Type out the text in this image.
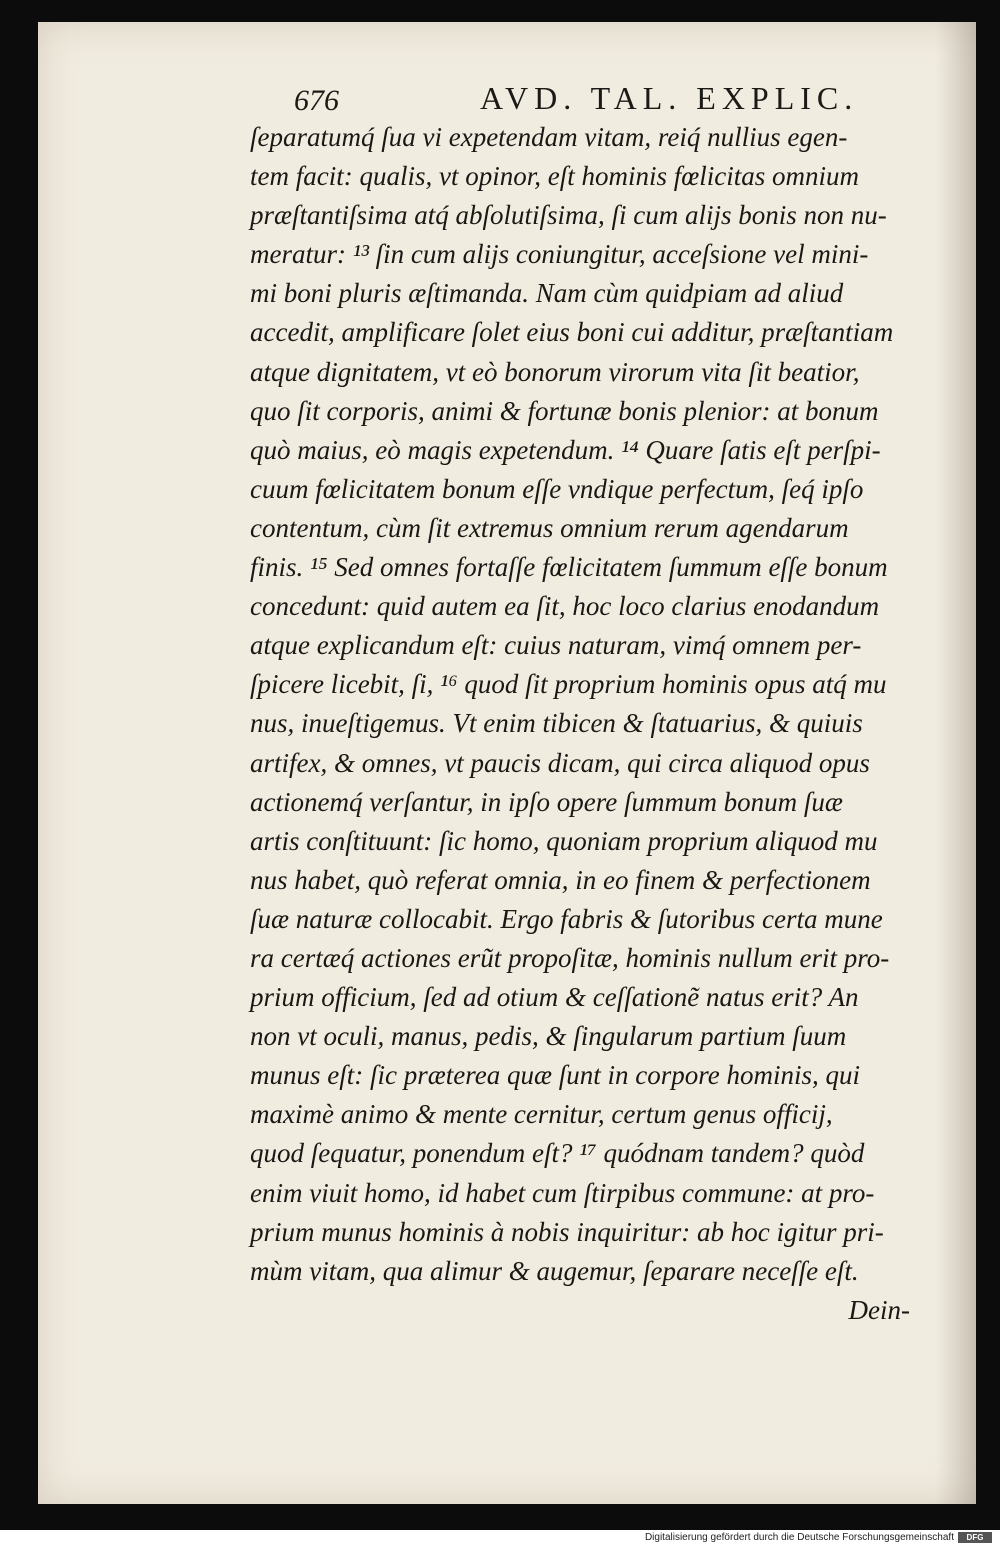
676	AVD. TAL. EXPLIC.
ſeparatumq́ ſua vi expetendam vitam, reiq́ nullius egen-
tem facit: qualis, vt opinor, eſt hominis fœlicitas omnium
præſtantiſsima atq́ abſolutiſsima, ſi cum alijs bonis non nu-
meratur: ¹³ ſin cum alijs coniungitur, acceſsione vel mini-
mi boni pluris æſtimanda. Nam cùm quidpiam ad aliud
accedit, amplificare ſolet eius boni cui additur, præſtantiam
atque dignitatem, vt eò bonorum virorum vita ſit beatior,
quo ſit corporis, animi & fortunæ bonis plenior: at bonum
quò maius, eò magis expetendum. ¹⁴ Quare ſatis eſt perſpi-
cuum fœlicitatem bonum eſſe vndique perfectum, ſeq́ ipſo
contentum, cùm ſit extremus omnium rerum agendarum
finis. ¹⁵ Sed omnes fortaſſe fœlicitatem ſummum eſſe bonum
concedunt: quid autem ea ſit, hoc loco clarius enodandum
atque explicandum eſt: cuius naturam, vimq́ omnem per-
ſpicere licebit, ſi, ¹⁶ quod ſit proprium hominis opus atq́ mu
nus, inueſtigemus. Vt enim tibicen & ſtatuarius, & quiuis
artifex, & omnes, vt paucis dicam, qui circa aliquod opus
actionemq́ verſantur, in ipſo opere ſummum bonum ſuæ
artis conſtituunt: ſic homo, quoniam proprium aliquod mu
nus habet, quò referat omnia, in eo finem & perfectionem
ſuæ naturæ collocabit. Ergo fabris & ſutoribus certa mune
ra certæq́ actiones erũt propoſitæ, hominis nullum erit pro-
prium officium, ſed ad otium & ceſſationẽ natus erit? An
non vt oculi, manus, pedis, & ſingularum partium ſuum
munus eſt: ſic præterea quæ ſunt in corpore hominis, qui
maximè animo & mente cernitur, certum genus officij,
quod ſequatur, ponendum eſt? ¹⁷ quódnam tandem? quòd
enim viuit homo, id habet cum ſtirpibus commune: at pro-
prium munus hominis à nobis inquiritur: ab hoc igitur pri-
mùm vitam, qua alimur & augemur, ſeparare neceſſe eſt.
Dein-
Digitalisierung gefördert durch die Deutsche Forschungsgemeinschaft	DFG
